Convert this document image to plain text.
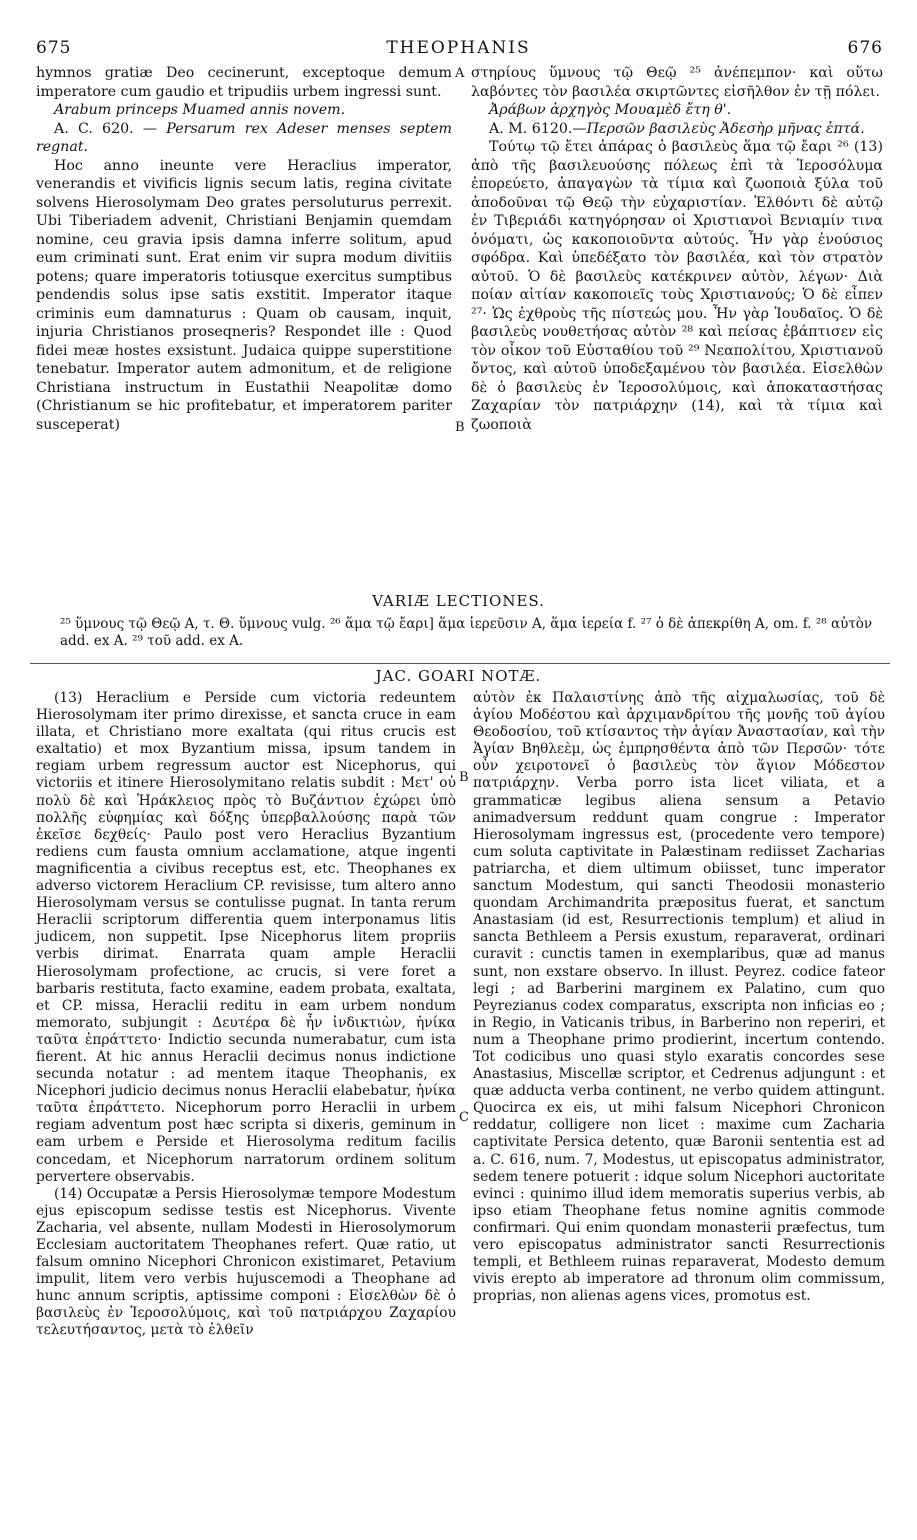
675	THEOPHANIS	676

hymnos gratiæ Deo cecinerunt, exceptoque demum imperatore cum gaudio et tripudiis urbem ingressi sunt.

Arabum princeps Muamed annis novem.

A. C. 620. — Persarum rex Adeser menses septem regnat.

Hoc anno ineunte vere Heraclius imperator, venerandis et vivificis lignis secum latis, regina civitate solvens Hierosolymam Deo grates persoluturus perrexit. Ubi Tiberiadem advenit, Christiani Benjamin quemdam nomine, ceu gravia ipsis damna inferre solitum, apud eum criminati sunt. Erat enim vir supra modum divitiis potens; quare imperatoris totiusque exercitus sumptibus pendendis solus ipse satis exstitit. Imperator itaque criminis eum damnaturus : Quam ob causam, inquit, injuria Christianos proseqneris? Respondet ille : Quod fidei meæ hostes exsistunt. Judaica quippe superstitione tenebatur. Imperator autem admonitum, et de religione Christiana instructum in Eustathii Neapolitæ domo (Christianum se hic profitebatur, et imperatorem pariter susceperat)

A
B

στηρίους ὕμνους τῷ Θεῷ ²⁵ ἀνέπεμπον· καὶ οὕτω λαβόντες τὸν βασιλέα σκιρτῶντες εἰσῆλθον ἐν τῇ πόλει.

Ἀράβων ἀρχηγὸς Μουαμὲδ ἔτη θ'.

Α. Μ. 6120.—Περσῶν βασιλεὺς Ἀδεσὴρ μῆνας ἑπτά.

Τούτῳ τῷ ἔτει ἀπάρας ὁ βασιλεὺς ἅμα τῷ ἔαρι ²⁶ (13) ἀπὸ τῆς βασιλευούσης πόλεως ἐπὶ τὰ Ἱεροσόλυμα ἐπορεύετο, ἀπαγαγὼν τὰ τίμια καὶ ζωοποιὰ ξύλα τοῦ ἀποδοῦναι τῷ Θεῷ τὴν εὐχαριστίαν. Ἐλθόντι δὲ αὐτῷ ἐν Τιβεριάδι κατηγόρησαν οἱ Χριστιανοὶ Βενιαμίν τινα ὀνόματι, ὡς κακοποιοῦντα αὐτούς. Ἦν γὰρ ἐνούσιος σφόδρα. Καὶ ὑπεδέξατο τὸν βασιλέα, καὶ τὸν στρατὸν αὐτοῦ. Ὁ δὲ βασιλεὺς κατέκρινεν αὐτὸν, λέγων· Διὰ ποίαν αἰτίαν κακοποιεῖς τοὺς Χριστιανούς; Ὁ δὲ εἶπεν ²⁷· Ὡς ἐχθροὺς τῆς πίστεώς μου. Ἦν γὰρ Ἰουδαῖος. Ὁ δὲ βασιλεὺς νουθετήσας αὐτὸν ²⁸ καὶ πείσας ἐβάπτισεν εἰς τὸν οἶκον τοῦ Εὐσταθίου τοῦ ²⁹ Νεαπολίτου, Χριστιανοῦ ὄντος, καὶ αὐτοῦ ὑποδεξαμένου τὸν βασιλέα. Εἰσελθὼν δὲ ὁ βασιλεὺς ἐν Ἱεροσολύμοις, καὶ ἀποκαταστήσας Ζαχαρίαν τὸν πατριάρχην (14), καὶ τὰ τίμια καὶ ζωοποιὰ

VARIÆ LECTIONES.
²⁵ ὕμνους τῷ Θεῷ A, τ. Θ. ὕμνους vulg. ²⁶ ἅμα τῷ ἔαρι] ἅμα ἱερεῦσιν A, ἅμα ἱερεία f. ²⁷ ὁ δὲ ἀπεκρίθη A, om. f. ²⁸ αὐτὸν add. ex A. ²⁹ τοῦ add. ex A.
JAC. GOARI NOTÆ.

(13) Heraclium e Perside cum victoria redeuntem Hierosolymam iter primo direxisse, et sancta cruce in eam illata, et Christiano more exaltata (qui ritus crucis est exaltatio) et mox Byzantium missa, ipsum tandem in regiam urbem regressum auctor est Nicephorus, qui victoriis et itinere Hierosolymitano relatis subdit : Μετ' οὐ πολὺ δὲ καὶ Ἡράκλειος πρὸς τὸ Βυζάντιον ἐχώρει ὑπὸ πολλῆς εὐφημίας καὶ δόξης ὑπερβαλλούσης παρὰ τῶν ἐκεῖσε δεχθείς· Paulo post vero Heraclius Byzantium rediens cum fausta omnium acclamatione, atque ingenti magnificentia a civibus receptus est, etc. Theophanes ex adverso victorem Heraclium CP. revisisse, tum altero anno Hierosolymam versus se contulisse pugnat. In tanta rerum Heraclii scriptorum differentia quem interponamus litis judicem, non suppetit. Ipse Nicephorus litem propriis verbis dirimat. Enarrata quam ample Heraclii Hierosolymam profectione, ac crucis, si vere foret a barbaris restituta, facto examine, eadem probata, exaltata, et CP. missa, Heraclii reditu in eam urbem nondum memorato, subjungit : Δευτέρα δὲ ἦν ἰνδικτιὼν, ἡνίκα ταῦτα ἐπράττετο· Indictio secunda numerabatur, cum ista fierent. At hic annus Heraclii decimus nonus indictione secunda notatur : ad mentem itaque Theophanis, ex Nicephori judicio decimus nonus Heraclii elabebatur, ἡνίκα ταῦτα ἐπράττετο. Nicephorum porro Heraclii in urbem regiam adventum post hæc scripta si dixeris, geminum in eam urbem e Perside et Hierosolyma reditum facilis concedam, et Nicephorum narratorum ordinem solitum pervertere observabis.

(14) Occupatæ a Persis Hierosolymæ tempore Modestum ejus episcopum sedisse testis est Nicephorus. Vivente Zacharia, vel absente, nullam Modesti in Hierosolymorum Ecclesiam auctoritatem Theophanes refert. Quæ ratio, ut falsum omnino Nicephori Chronicon existimaret, Petavium impulit, litem vero verbis hujuscemodi a Theophane ad hunc annum scriptis, aptissime componi : Εἰσελθὼν δὲ ὁ βασιλεὺς ἐν Ἱεροσολύμοις, καὶ τοῦ πατριάρχου Ζαχαρίου τελευτήσαντος, μετὰ τὸ ἐλθεῖν

B
C

αὐτὸν ἐκ Παλαιστίνης ἀπὸ τῆς αἰχμαλωσίας, τοῦ δὲ ἁγίου Μοδέστου καὶ ἀρχιμανδρίτου τῆς μονῆς τοῦ ἁγίου Θεοδοσίου, τοῦ κτίσαντος τὴν ἁγίαν Ἀναστασίαν, καὶ τὴν Ἁγίαν Βηθλεὲμ, ὡς ἐμπρησθέντα ἀπὸ τῶν Περσῶν· τότε οὖν χειροτονεῖ ὁ βασιλεὺς τὸν ἅγιον Μόδεστον πατριάρχην. Verba porro ista licet viliata, et a grammaticæ legibus aliena sensum a Petavio animadversum reddunt quam congrue : Imperator Hierosolymam ingressus est, (procedente vero tempore) cum soluta captivitate in Palæstinam rediisset Zacharias patriarcha, et diem ultimum obiisset, tunc imperator sanctum Modestum, qui sancti Theodosii monasterio quondam Archimandrita præpositus fuerat, et sanctum Anastasiam (id est, Resurrectionis templum) et aliud in sancta Bethleem a Persis exustum, reparaverat, ordinari curavit : cunctis tamen in exemplaribus, quæ ad manus sunt, non exstare observo. In illust. Peyrez. codice fateor legi ; ad Barberini marginem ex Palatino, cum quo Peyrezianus codex comparatus, exscripta non inficias eo ; in Regio, in Vaticanis tribus, in Barberino non reperiri, et num a Theophane primo prodierint, incertum contendo. Tot codicibus uno quasi stylo exaratis concordes sese Anastasius, Miscellæ scriptor, et Cedrenus adjungunt : et quæ adducta verba continent, ne verbo quidem attingunt. Quocirca ex eis, ut mihi falsum Nicephori Chronicon reddatur, colligere non licet : maxime cum Zacharia captivitate Persica detento, quæ Baronii sententia est ad a. C. 616, num. 7, Modestus, ut episcopatus administrator, sedem tenere potuerit : idque solum Nicephori auctoritate evinci : quinimo illud idem memoratis superius verbis, ab ipso etiam Theophane fetus nomine agnitis commode confirmari. Qui enim quondam monasterii præfectus, tum vero episcopatus administrator sancti Resurrectionis templi, et Bethleem ruinas reparaverat, Modesto demum vivis erepto ab imperatore ad thronum olim commissum, proprias, non alienas agens vices, promotus est.
